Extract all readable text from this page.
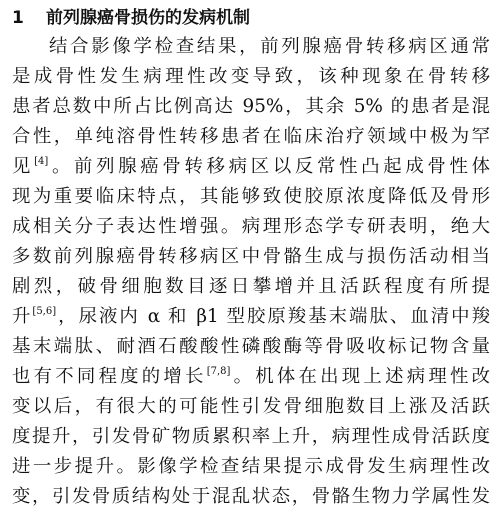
1	前列腺癌骨损伤的发病机制
结合影像学检查结果，前列腺癌骨转移病区通常
是成骨性发生病理性改变导致，该种现象在骨转移
患者总数中所占比例高达 95%，其余 5% 的患者是混
合性，单纯溶骨性转移患者在临床治疗领域中极为罕
见[4]。前列腺癌骨转移病区以反常性凸起成骨性体
现为重要临床特点，其能够致使胶原浓度降低及骨形
成相关分子表达性增强。病理形态学专研表明，绝大
多数前列腺癌骨转移病区中骨骼生成与损伤活动相当
剧烈，破骨细胞数目逐日攀增并且活跃程度有所提
升[5,6]，尿液内 α 和 β1 型胶原羧基末端肽、血清中羧
基末端肽、耐酒石酸酸性磷酸酶等骨吸收标记物含量
也有不同程度的增长[7,8]。机体在出现上述病理性改
变以后，有很大的可能性引发骨细胞数目上涨及活跃
度提升，引发骨矿物质累积率上升，病理性成骨活跃度
进一步提升。影像学检查结果提示成骨发生病理性改
变，引发骨质结构处于混乱状态，骨骼生物力学属性发
